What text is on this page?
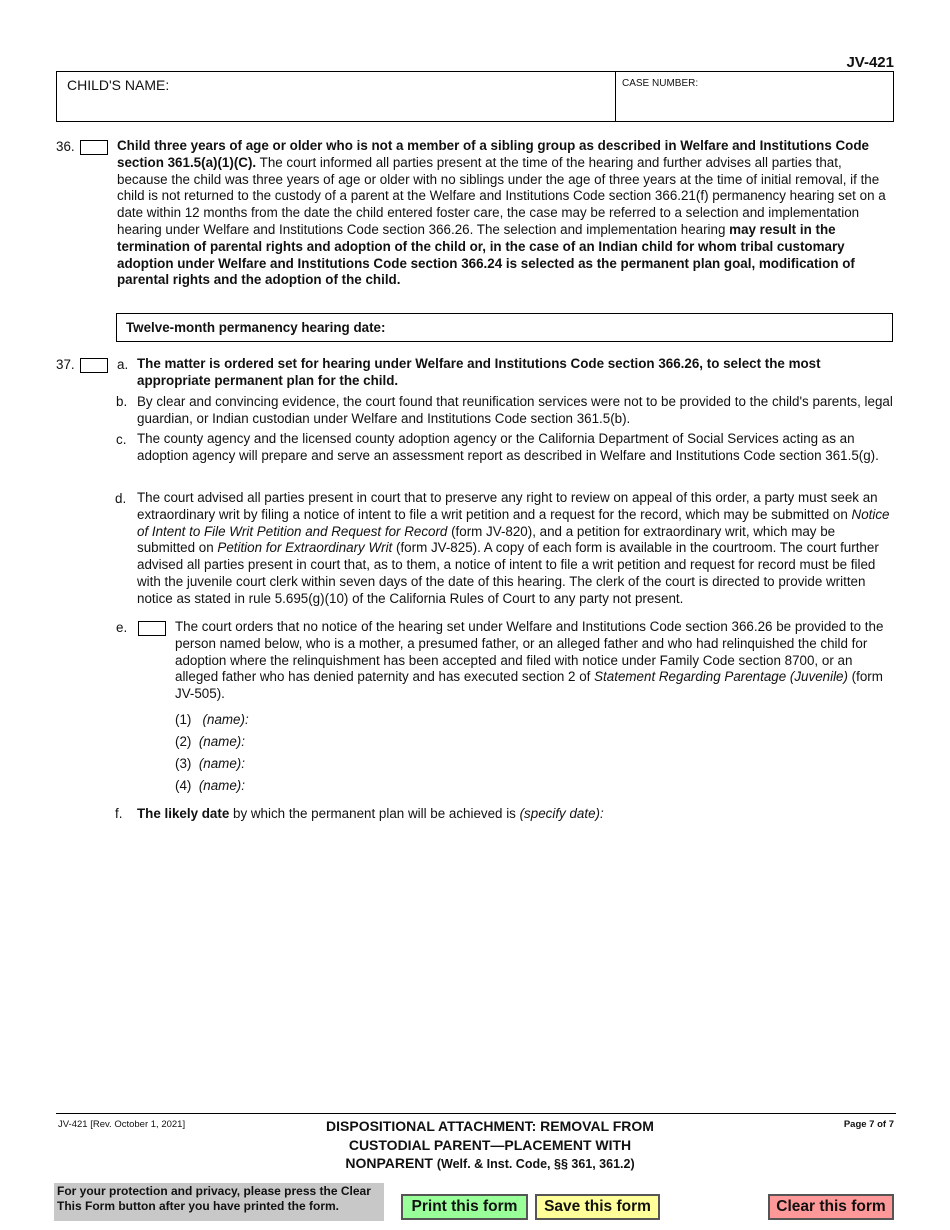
JV-421
CHILD'S NAME:	CASE NUMBER:
36.	Child three years of age or older who is not a member of a sibling group as described in Welfare and Institutions Code section 361.5(a)(1)(C). The court informed all parties present at the time of the hearing and further advises all parties that, because the child was three years of age or older with no siblings under the age of three years at the time of initial removal, if the child is not returned to the custody of a parent at the Welfare and Institutions Code section 366.21(f) permanency hearing set on a date within 12 months from the date the child entered foster care, the case may be referred to a selection and implementation hearing under Welfare and Institutions Code section 366.26. The selection and implementation hearing may result in the termination of parental rights and adoption of the child or, in the case of an Indian child for whom tribal customary adoption under Welfare and Institutions Code section 366.24 is selected as the permanent plan goal, modification of parental rights and the adoption of the child.
Twelve-month permanency hearing date:
37.	a. The matter is ordered set for hearing under Welfare and Institutions Code section 366.26, to select the most appropriate permanent plan for the child.
b. By clear and convincing evidence, the court found that reunification services were not to be provided to the child's parents, legal guardian, or Indian custodian under Welfare and Institutions Code section 361.5(b).
c. The county agency and the licensed county adoption agency or the California Department of Social Services acting as an adoption agency will prepare and serve an assessment report as described in Welfare and Institutions Code section 361.5(g).
d. The court advised all parties present in court that to preserve any right to review on appeal of this order, a party must seek an extraordinary writ by filing a notice of intent to file a writ petition and a request for the record, which may be submitted on Notice of Intent to File Writ Petition and Request for Record (form JV-820), and a petition for extraordinary writ, which may be submitted on Petition for Extraordinary Writ (form JV-825). A copy of each form is available in the courtroom. The court further advised all parties present in court that, as to them, a notice of intent to file a writ petition and request for record must be filed with the juvenile court clerk within seven days of the date of this hearing. The clerk of the court is directed to provide written notice as stated in rule 5.695(g)(10) of the California Rules of Court to any party not present.
e.	The court orders that no notice of the hearing set under Welfare and Institutions Code section 366.26 be provided to the person named below, who is a mother, a presumed father, or an alleged father and who had relinquished the child for adoption where the relinquishment has been accepted and filed with notice under Family Code section 8700, or an alleged father who has denied paternity and has executed section 2 of Statement Regarding Parentage (Juvenile) (form JV-505).
(1) (name):
(2) (name):
(3) (name):
(4) (name):
f. The likely date by which the permanent plan will be achieved is (specify date):
JV-421 [Rev. October 1, 2021]	DISPOSITIONAL ATTACHMENT: REMOVAL FROM
CUSTODIAL PARENT—PLACEMENT WITH
NONPARENT (Welf. & Inst. Code, §§ 361, 361.2)
Page 7 of 7
For your protection and privacy, please press the Clear This Form button after you have printed the form.	Print this form	Save this form	Clear this form
